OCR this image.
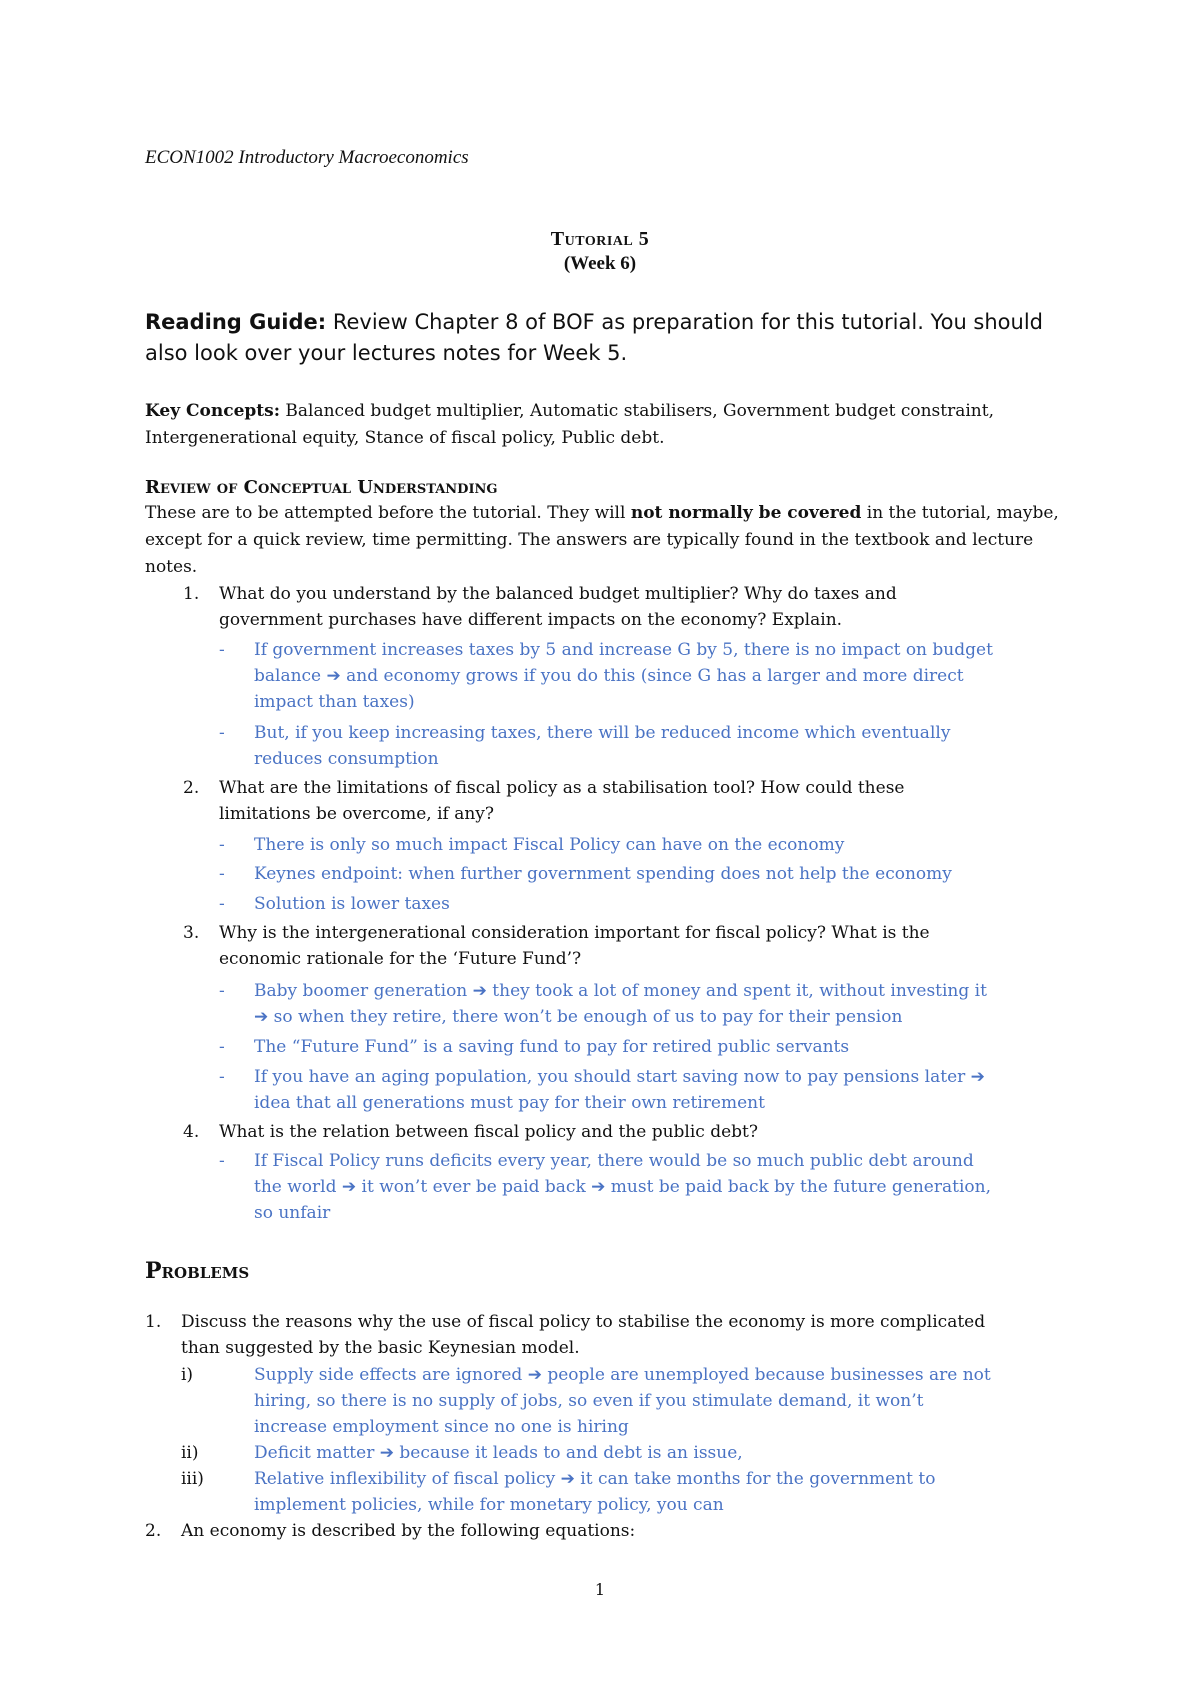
ECON1002 Introductory Macroeconomics
Tutorial 5
(Week 6)
Reading Guide: Review Chapter 8 of BOF as preparation for this tutorial. You should also look over your lectures notes for Week 5.
Key Concepts: Balanced budget multiplier, Automatic stabilisers, Government budget constraint, Intergenerational equity, Stance of fiscal policy, Public debt.
Review of Conceptual Understanding
These are to be attempted before the tutorial. They will not normally be covered in the tutorial, maybe, except for a quick review, time permitting. The answers are typically found in the textbook and lecture notes.
1. What do you understand by the balanced budget multiplier? Why do taxes and
government purchases have different impacts on the economy? Explain.
- If government increases taxes by 5 and increase G by 5, there is no impact on budget
balance ➔ and economy grows if you do this (since G has a larger and more direct
impact than taxes)
- But, if you keep increasing taxes, there will be reduced income which eventually
reduces consumption
2. What are the limitations of fiscal policy as a stabilisation tool? How could these
limitations be overcome, if any?
- There is only so much impact Fiscal Policy can have on the economy
- Keynes endpoint: when further government spending does not help the economy
- Solution is lower taxes
3. Why is the intergenerational consideration important for fiscal policy? What is the
economic rationale for the ‘Future Fund’?
- Baby boomer generation ➔ they took a lot of money and spent it, without investing it
➔ so when they retire, there won’t be enough of us to pay for their pension
- The “Future Fund” is a saving fund to pay for retired public servants
- If you have an aging population, you should start saving now to pay pensions later ➔
idea that all generations must pay for their own retirement
4. What is the relation between fiscal policy and the public debt?
- If Fiscal Policy runs deficits every year, there would be so much public debt around
the world ➔ it won’t ever be paid back ➔ must be paid back by the future generation,
so unfair
Problems
1. Discuss the reasons why the use of fiscal policy to stabilise the economy is more complicated
than suggested by the basic Keynesian model.
i)	Supply side effects are ignored ➔ people are unemployed because businesses are not
hiring, so there is no supply of jobs, so even if you stimulate demand, it won’t
increase employment since no one is hiring
ii)	Deficit matter ➔ because it leads to and debt is an issue,
iii)	Relative inflexibility of fiscal policy ➔ it can take months for the government to
implement policies, while for monetary policy, you can
2. An economy is described by the following equations:
1
